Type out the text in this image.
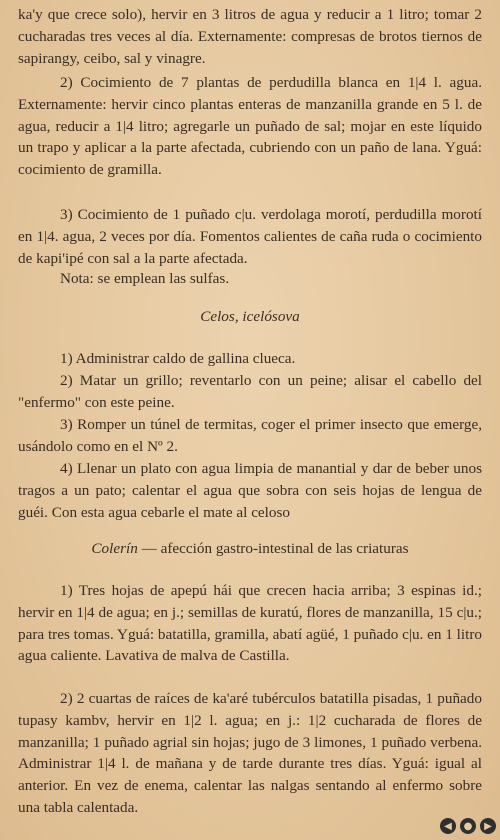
ka'y que crece solo), hervir en 3 litros de agua y reducir a 1 litro; tomar 2 cucharadas tres veces al día. Externamente: compresas de brotos tiernos de sapirangy, ceibo, sal y vinagre.

2) Cocimiento de 7 plantas de perdudilla blanca en 1|4 l. agua. Externamente: hervir cinco plantas enteras de manzanilla grande en 5 l. de agua, reducir a 1|4 litro; agregarle un puñado de sal; mojar en este líquido un trapo y aplicar a la parte afectada, cubriendo con un paño de lana. Yguá: cocimiento de gramilla.

3) Cocimiento de 1 puñado c|u. verdolaga morotí, perdudilla morotí en 1|4. agua, 2 veces por día. Fomentos calientes de caña ruda o cocimiento de kapi'ipé con sal a la parte afectada.

Nota: se emplean las sulfas.

Celos, icelósova

1) Administrar caldo de gallina clueca.

2) Matar un grillo; reventarlo con un peine; alisar el cabello del "enfermo" con este peine.

3) Romper un túnel de termitas, coger el primer insecto que emerge, usándolo como en el Nº 2.

4) Llenar un plato con agua limpia de manantial y dar de beber unos tragos a un pato; calentar el agua que sobra con seis hojas de lengua de guéi. Con esta agua cebarle el mate al celoso

Colerín — afección gastro-intestinal de las criaturas

1) Tres hojas de apepú hái que crecen hacia arriba; 3 espinas id.; hervir en 1|4 de agua; en j.; semillas de kuratú, flores de manzanilla, 15 c|u.; para tres tomas. Yguá: batatilla, gramilla, abatí agüé, 1 puñado c|u. en 1 litro agua caliente. Lavativa de malva de Castilla.

2) 2 cuartas de raíces de ka'aré tubérculos batatilla pisadas, 1 puñado tupasy kambv, hervir en 1|2 l. agua; en j.: 1|2 cucharada de flores de manzanilla; 1 puñado agrial sin hojas; jugo de 3 limones, 1 puñado verbena. Administrar 1|4 l. de mañana y de tarde durante tres días. Yguá: igual al anterior. En vez de enema, calentar las nalgas sentando al enfermo sobre una tabla calentada.

◀	●	▶
